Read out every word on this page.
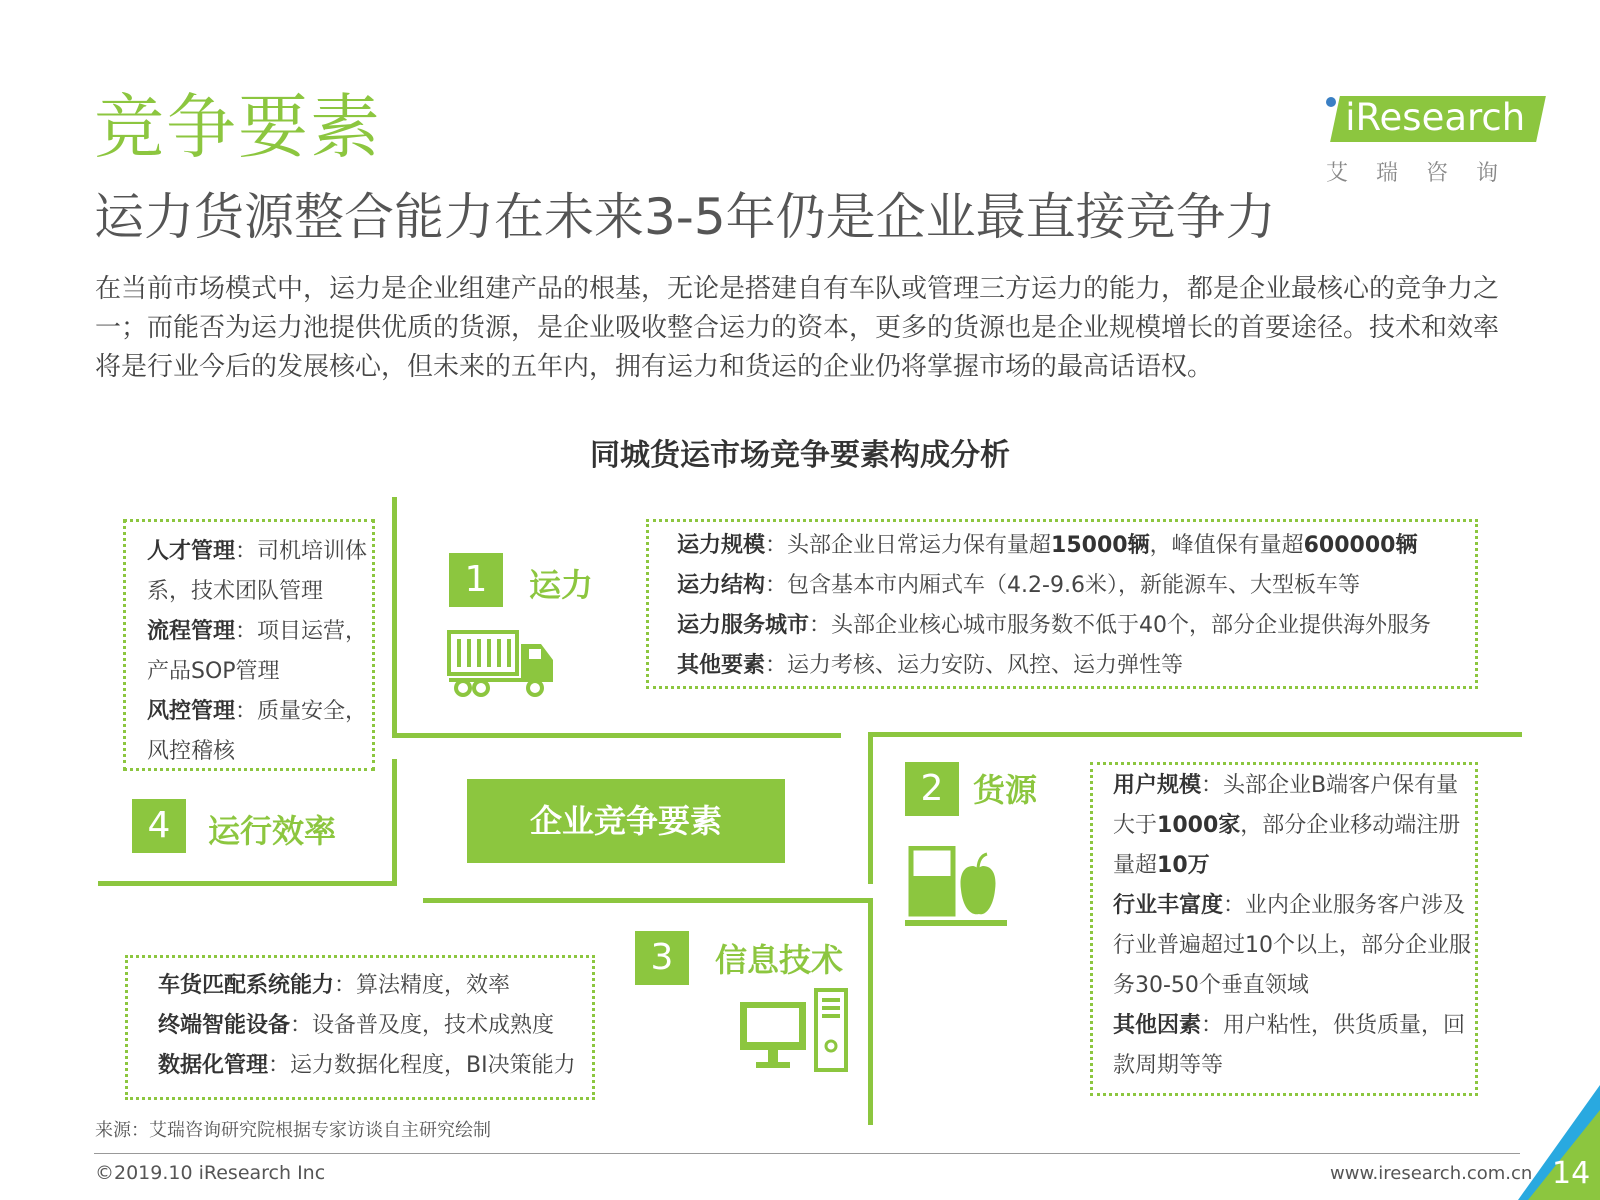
竞争要素
运力货源整合能力在未来3-5年仍是企业最直接竞争力
在当前市场模式中，运力是企业组建产品的根基，无论是搭建自有车队或管理三方运力的能力，都是企业最核心的竞争力之一；而能否为运力池提供优质的货源，是企业吸收整合运力的资本，更多的货源也是企业规模增长的首要途径。技术和效率将是行业今后的发展核心，但未来的五年内，拥有运力和货运的企业仍将掌握市场的最高话语权。
iResearch
艾瑞咨询
同城货运市场竞争要素构成分析
企业竞争要素
1	运力

运力规模：头部企业日常运力保有量超15000辆，峰值保有量超600000辆

运力结构：包含基本市内厢式车（4.2-9.6米），新能源车、大型板车等

运力服务城市：头部企业核心城市服务数不低于40个，部分企业提供海外服务

其他要素：运力考核、运力安防、风控、运力弹性等

2 货源	用户规模：头部企业B端客户保有量大于1000家，部分企业移动端注册量超10万

行业丰富度：业内企业服务客户涉及行业普遍超过10个以上，部分企业服务30-50个垂直领域

其他因素：用户粘性，供货质量，回款周期等等

3	信息技术

车货匹配系统能力：算法精度，效率

终端智能设备：设备普及度，技术成熟度

数据化管理：运力数据化程度，BI决策能力

4	运行效率

人才管理：司机培训体系，技术团队管理

流程管理：项目运营，产品SOP管理

风控管理：质量安全，风控稽核

来源：艾瑞咨询研究院根据专家访谈自主研究绘制
©2019.10 iResearch Inc	www.iresearch.com.cn 14
